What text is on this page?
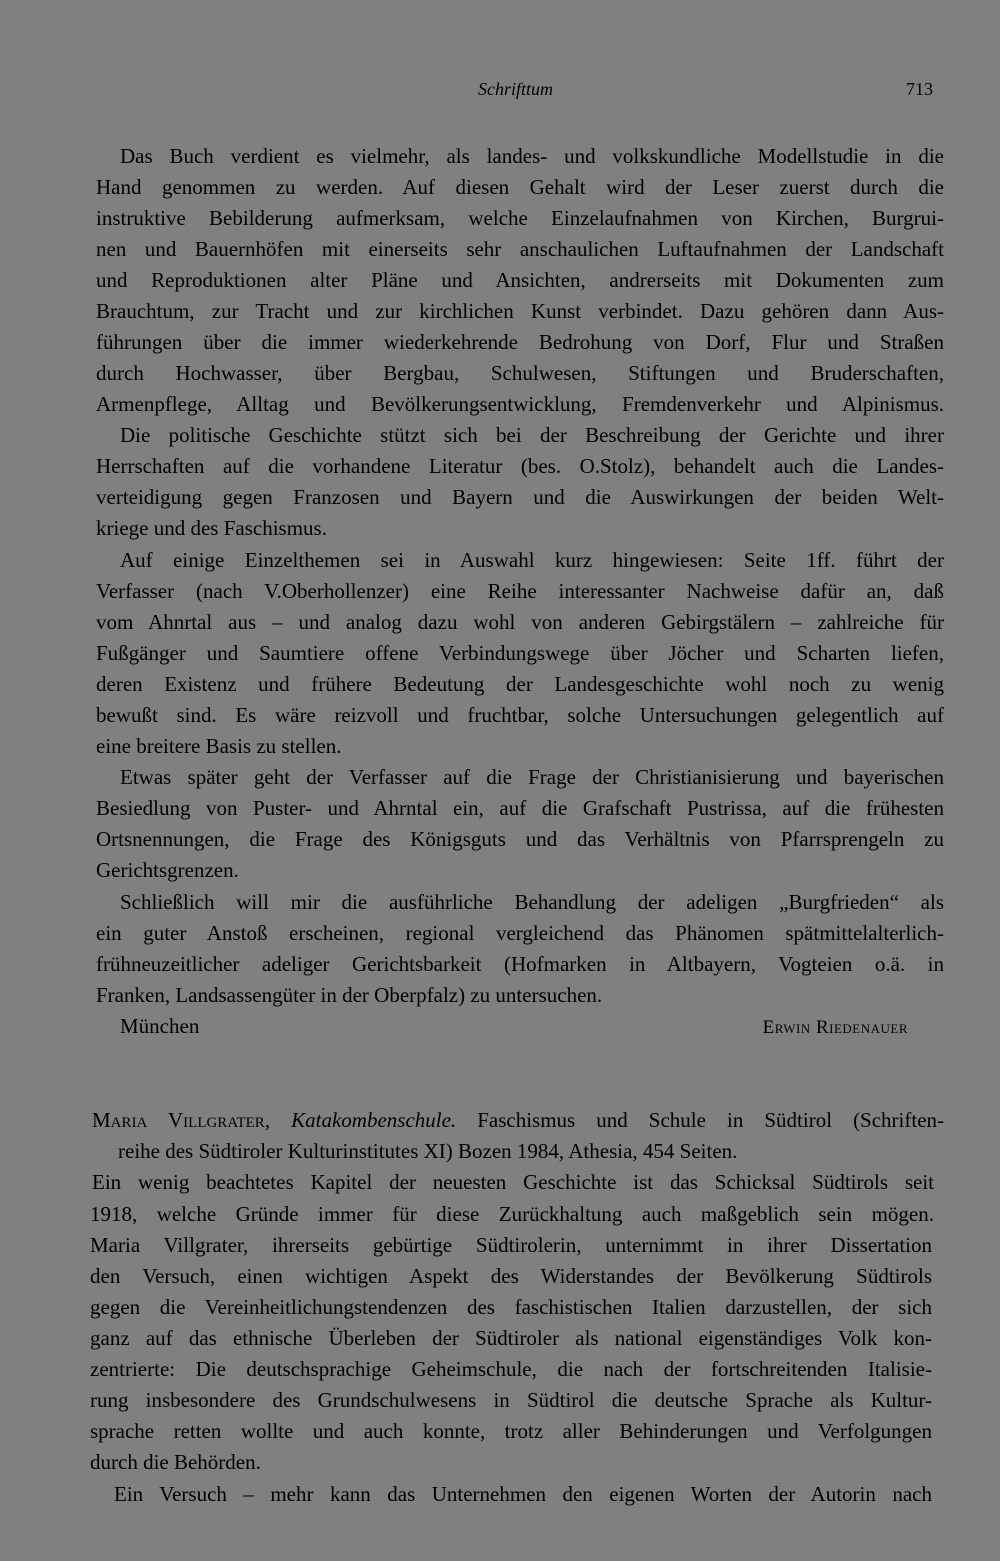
Schrifttum	713
Das Buch verdient es vielmehr, als landes- und volkskundliche Modellstudie in die
Hand genommen zu werden. Auf diesen Gehalt wird der Leser zuerst durch die
instruktive Bebilderung aufmerksam, welche Einzelaufnahmen von Kirchen, Burgrui-
nen und Bauernhöfen mit einerseits sehr anschaulichen Luftaufnahmen der Landschaft
und Reproduktionen alter Pläne und Ansichten, andrerseits mit Dokumenten zum
Brauchtum, zur Tracht und zur kirchlichen Kunst verbindet. Dazu gehören dann Aus-
führungen über die immer wiederkehrende Bedrohung von Dorf, Flur und Straßen
durch Hochwasser, über Bergbau, Schulwesen, Stiftungen und Bruderschaften,
Armenpflege, Alltag und Bevölkerungsentwicklung, Fremdenverkehr und Alpinismus.
Die politische Geschichte stützt sich bei der Beschreibung der Gerichte und ihrer
Herrschaften auf die vorhandene Literatur (bes. O.Stolz), behandelt auch die Landes-
verteidigung gegen Franzosen und Bayern und die Auswirkungen der beiden Welt-
kriege und des Faschismus.
Auf einige Einzelthemen sei in Auswahl kurz hingewiesen: Seite 1ff. führt der
Verfasser (nach V.Oberhollenzer) eine Reihe interessanter Nachweise dafür an, daß
vom Ahnrtal aus – und analog dazu wohl von anderen Gebirgstälern – zahlreiche für
Fußgänger und Saumtiere offene Verbindungswege über Jöcher und Scharten liefen,
deren Existenz und frühere Bedeutung der Landesgeschichte wohl noch zu wenig
bewußt sind. Es wäre reizvoll und fruchtbar, solche Untersuchungen gelegentlich auf
eine breitere Basis zu stellen.
Etwas später geht der Verfasser auf die Frage der Christianisierung und bayerischen
Besiedlung von Puster- und Ahrntal ein, auf die Grafschaft Pustrissa, auf die frühesten
Ortsnennungen, die Frage des Königsguts und das Verhältnis von Pfarrsprengeln zu
Gerichtsgrenzen.
Schließlich will mir die ausführliche Behandlung der adeligen „Burgfrieden“ als
ein guter Anstoß erscheinen, regional vergleichend das Phänomen spätmittelalterlich-
frühneuzeitlicher adeliger Gerichtsbarkeit (Hofmarken in Altbayern, Vogteien o.ä. in
Franken, Landsassengüter in der Oberpfalz) zu untersuchen.
München	Erwin Riedenauer
Maria Villgrater, Katakombenschule. Faschismus und Schule in Südtirol (Schriften-
reihe des Südtiroler Kulturinstitutes XI) Bozen 1984, Athesia, 454 Seiten.
Ein wenig beachtetes Kapitel der neuesten Geschichte ist das Schicksal Südtirols seit
1918, welche Gründe immer für diese Zurückhaltung auch maßgeblich sein mögen.
Maria Villgrater, ihrerseits gebürtige Südtirolerin, unternimmt in ihrer Dissertation
den Versuch, einen wichtigen Aspekt des Widerstandes der Bevölkerung Südtirols
gegen die Vereinheitlichungstendenzen des faschistischen Italien darzustellen, der sich
ganz auf das ethnische Überleben der Südtiroler als national eigenständiges Volk kon-
zentrierte: Die deutschsprachige Geheimschule, die nach der fortschreitenden Italisie-
rung insbesondere des Grundschulwesens in Südtirol die deutsche Sprache als Kultur-
sprache retten wollte und auch konnte, trotz aller Behinderungen und Verfolgungen
durch die Behörden.
Ein Versuch – mehr kann das Unternehmen den eigenen Worten der Autorin nach
